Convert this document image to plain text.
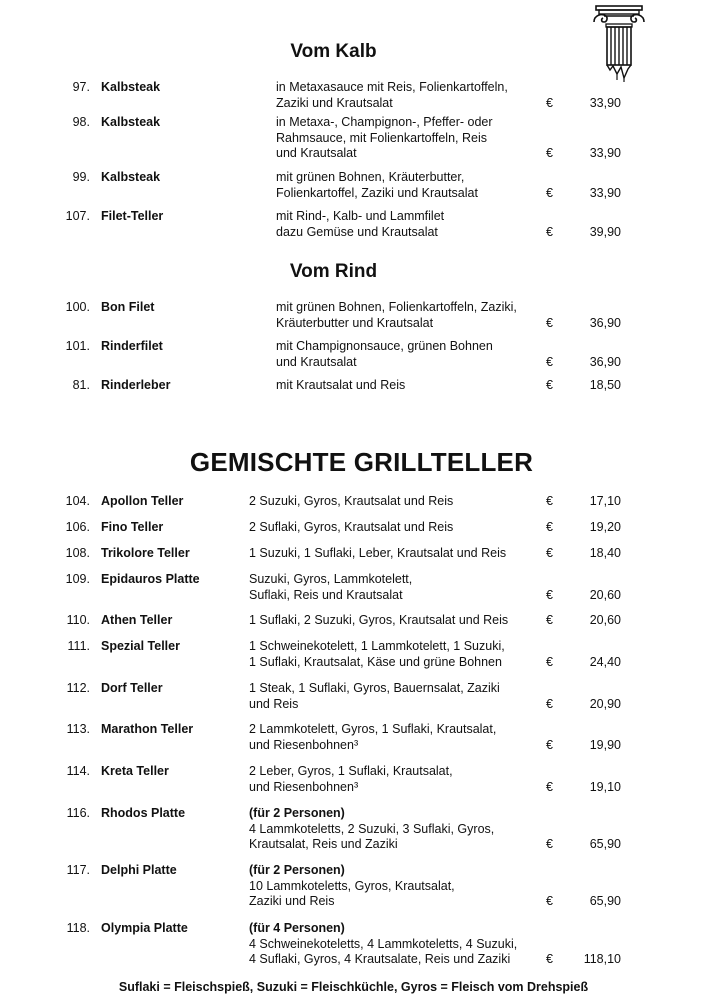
Vom Kalb
97. Kalbsteak	in Metaxasauce mit Reis, Folienkartoffeln,
Zaziki und Krautsalat	€	33,90
98. Kalbsteak	in Metaxa-, Champignon-, Pfeffer- oder
Rahmsauce, mit Folienkartoffeln, Reis
und Krautsalat	€	33,90
99. Kalbsteak	mit grünen Bohnen, Kräuterbutter,
Folienkartoffel, Zaziki und Krautsalat	€	33,90
107. Filet-Teller	mit Rind-, Kalb- und Lammfilet
dazu Gemüse und Krautsalat	€	39,90
Vom Rind
100. Bon Filet	mit grünen Bohnen, Folienkartoffeln, Zaziki,
Kräuterbutter und Krautsalat	€	36,90
101. Rinderfilet	mit Champignonsauce, grünen Bohnen
und Krautsalat	€	36,90
81. Rinderleber	mit Krautsalat und Reis	€	18,50
GEMISCHTE GRILLTELLER
104. Apollon Teller	2 Suzuki, Gyros, Krautsalat und Reis	€	17,10
106. Fino Teller	2 Suflaki, Gyros, Krautsalat und Reis	€	19,20
108. Trikolore Teller	1 Suzuki, 1 Suflaki, Leber, Krautsalat und Reis	€	18,40
109. Epidauros Platte	Suzuki, Gyros, Lammkotelett,
Suflaki, Reis und Krautsalat	€	20,60
110. Athen Teller	1 Suflaki, 2 Suzuki, Gyros, Krautsalat und Reis	€	20,60
111. Spezial Teller	1 Schweinekotelett, 1 Lammkotelett, 1 Suzuki,
1 Suflaki, Krautsalat, Käse und grüne Bohnen	€	24,40
112. Dorf Teller	1 Steak, 1 Suflaki, Gyros, Bauernsalat, Zaziki
und Reis	€	20,90
113. Marathon Teller	2 Lammkotelett, Gyros, 1 Suflaki, Krautsalat,
und Riesenbohnen³	€	19,90
114. Kreta Teller	2 Leber, Gyros, 1 Suflaki, Krautsalat,
und Riesenbohnen³	€	19,10
116. Rhodos Platte	(für 2 Personen)
4 Lammkoteletts, 2 Suzuki, 3 Suflaki, Gyros,
Krautsalat, Reis und Zaziki	€	65,90
117. Delphi Platte	(für 2 Personen)
10 Lammkoteletts, Gyros, Krautsalat,
Zaziki und Reis	€	65,90
118. Olympia Platte	(für 4 Personen)
4 Schweinekoteletts, 4 Lammkoteletts, 4 Suzuki,
4 Suflaki, Gyros, 4 Krautsalate, Reis und Zaziki	€ 118,10
Suflaki = Fleischspieß, Suzuki = Fleischküchle, Gyros = Fleisch vom Drehspieß
